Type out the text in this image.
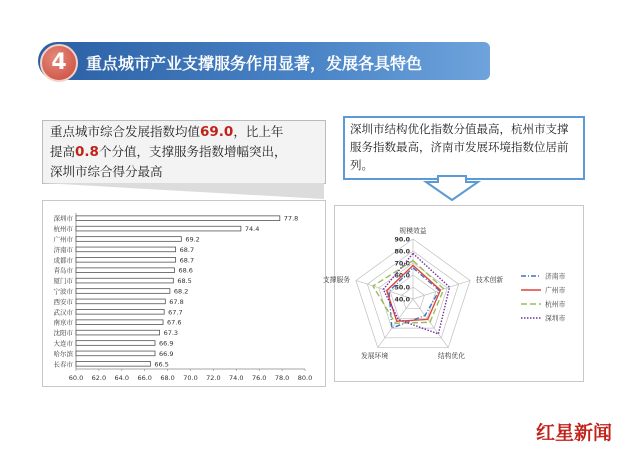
4	重点城市产业支撑服务作用显著，发展各具特色
重点城市综合发展指数均值69.0，比上年
提高0.8个分值，支撑服务指数增幅突出，
深圳市综合得分最高
深圳市结构优化指数分值最高，杭州市支撑服务指数最高，济南市发展环境指数位居前列。
深圳市	77.8
杭州市	74.4
广州市	69.2
济南市	68.7
成都市	68.7
青岛市	68.6
厦门市	68.5
宁波市	68.2
西安市	67.8
武汉市	67.7
南京市	67.6
沈阳市	67.3
大连市	66.9
哈尔滨	66.9
长春市	66.5
60.0 62.0 64.0 66.0 68.0 70.0 72.0 74.0 76.0 78.0 80.0
40.0
50.0
60.0
70.0
80.0
90.0
规模效益
技术创新
结构优化
发展环境
支撑服务	济南市
广州市
杭州市
深圳市
红星新闻
